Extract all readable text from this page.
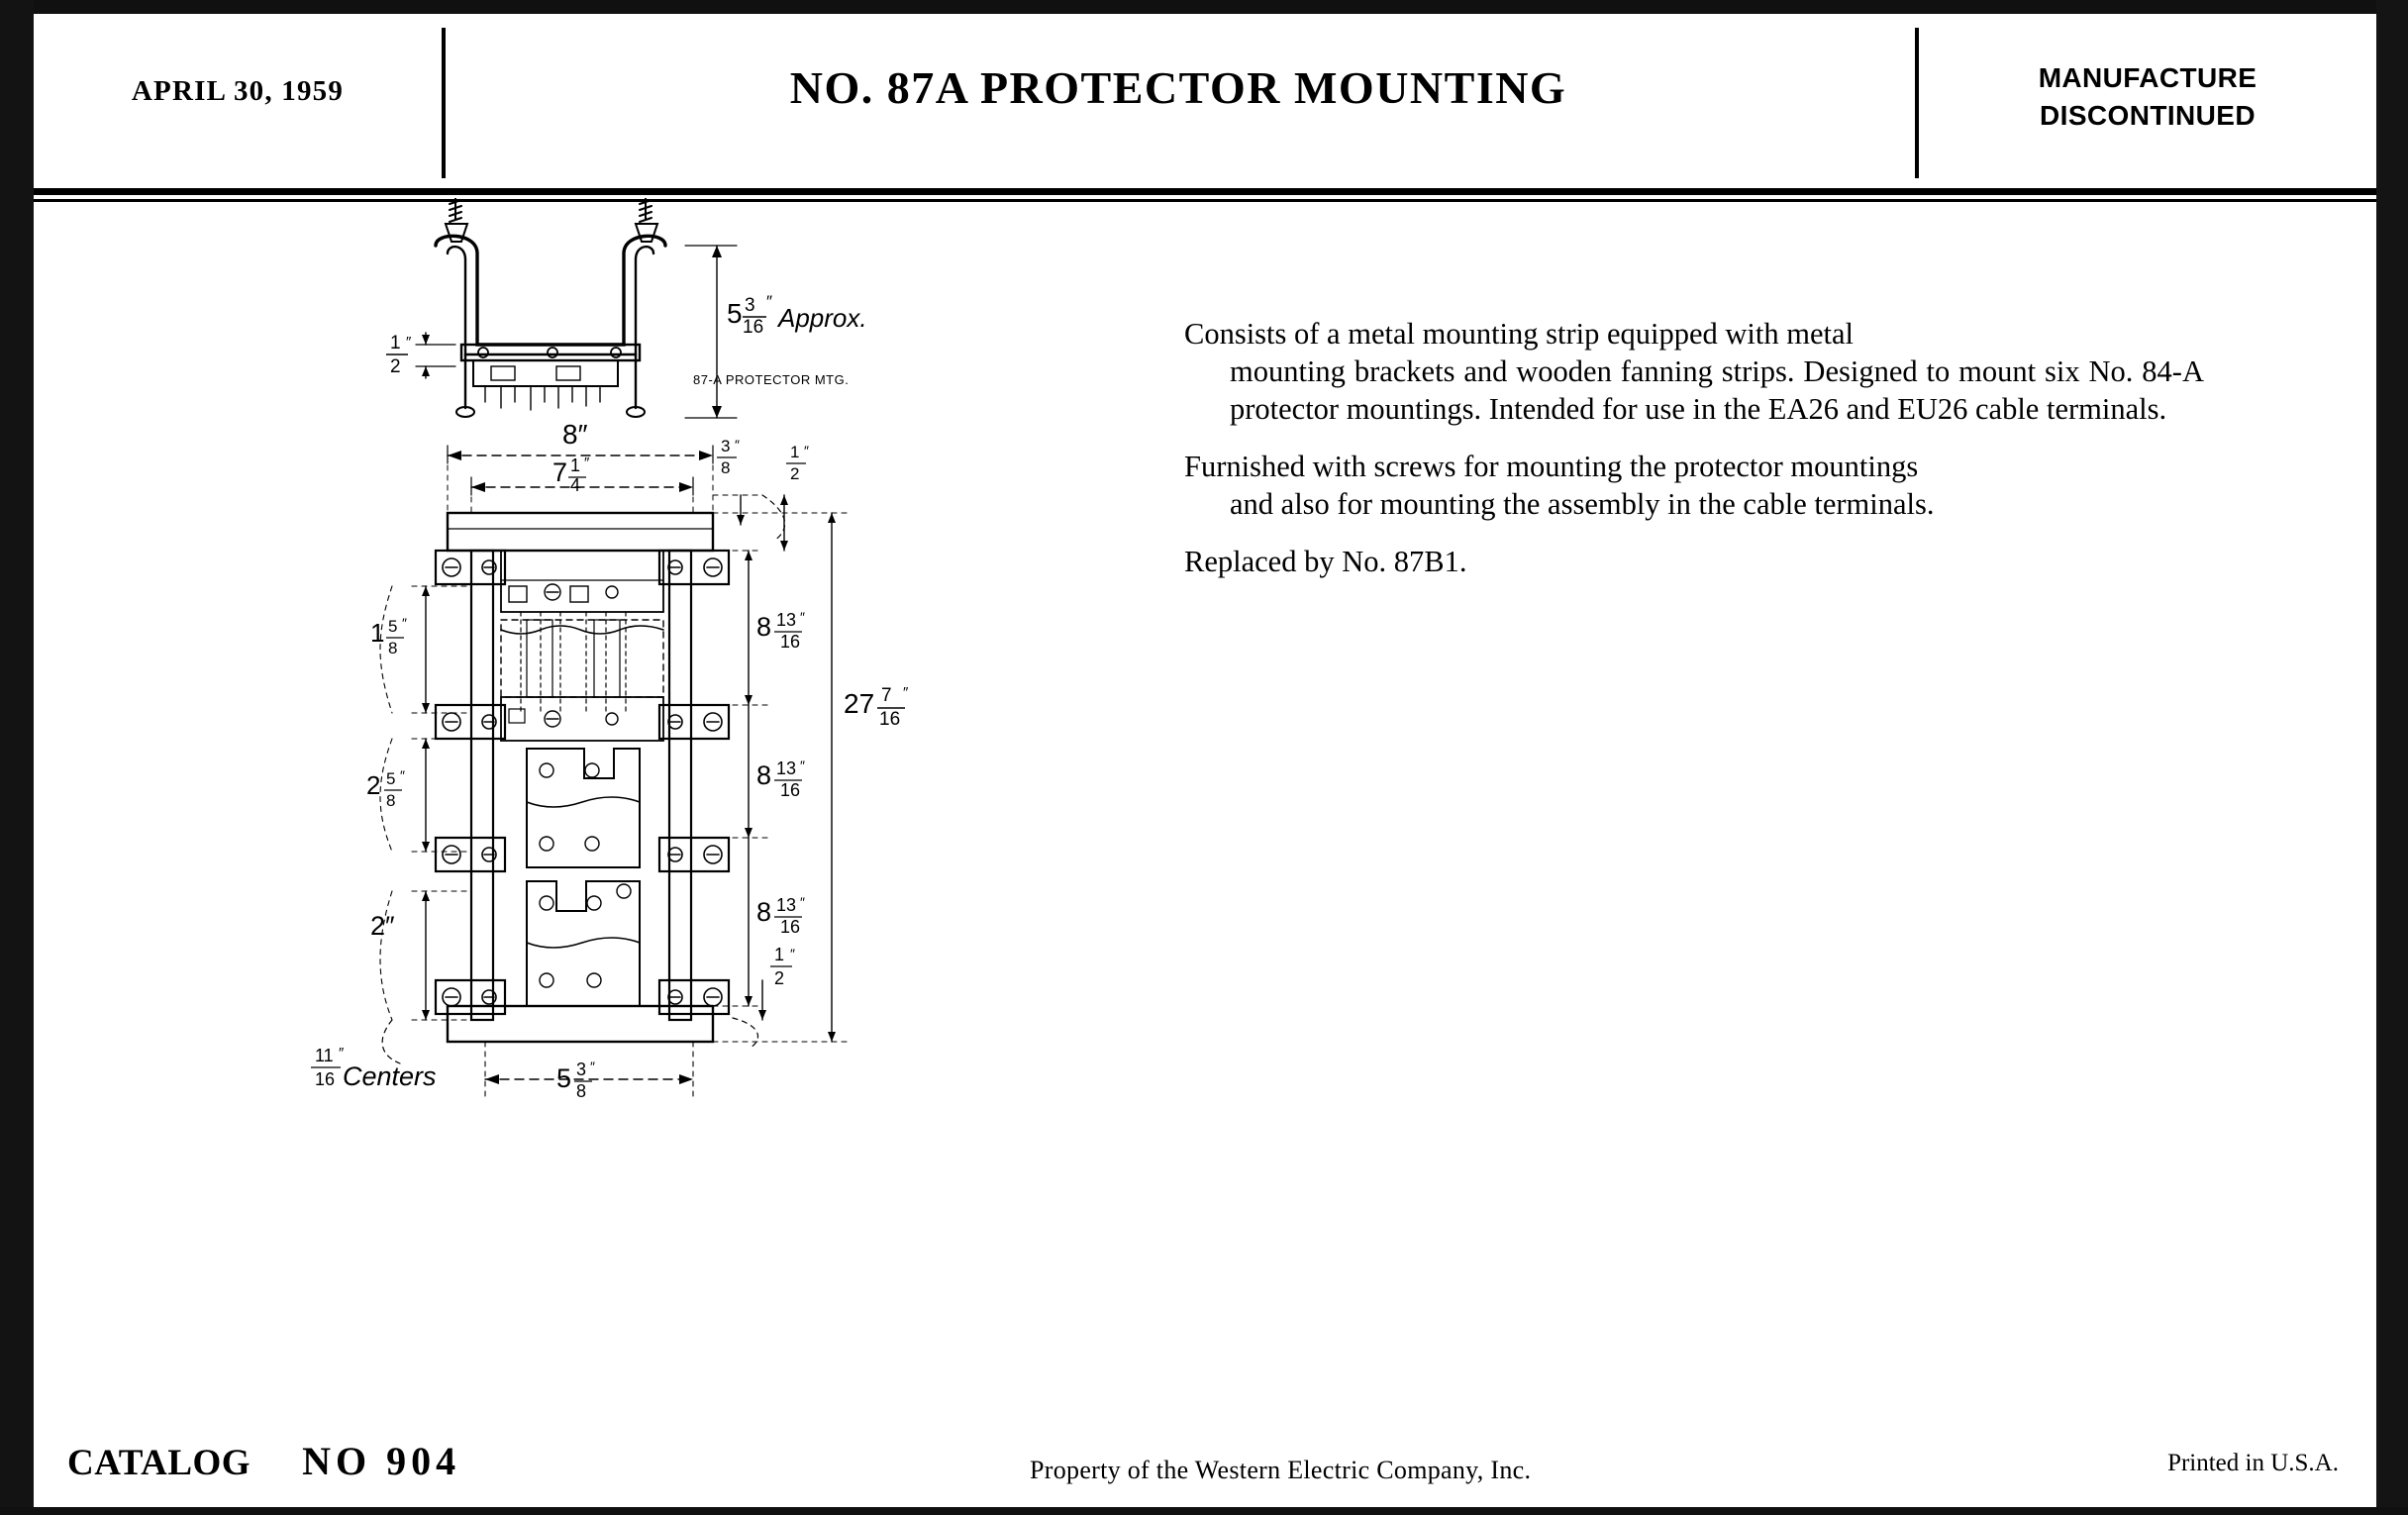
APRIL 30, 1959	NO. 87A PROTECTOR MOUNTING	MANUFACTURE
DISCONTINUED
Consists of a metal mounting strip equipped with metal
mounting brackets and wooden fanning strips. Designed to mount six No. 84-A protector mountings. Intended for use in the EA26 and EU26 cable terminals.
Furnished with screws for mounting the protector mountings
and also for mounting the assembly in the cable terminals.
Replaced by No. 87B1.
5 3
16
″
Approx.
1
2
″
87-A PROTECTOR MTG.
8″
7 1
4
″
3
8
″	1
2
″
1 5
8
″
2 5
8
″
2″
8 13
16
″
8 13
16
″
8 13
16
″
27 7
16
″
1
2
″
11
16
″
Centers	5 3
8
″
CATALOG NO 904	Property of the Western Electric Company, Inc.	Printed in U.S.A.
